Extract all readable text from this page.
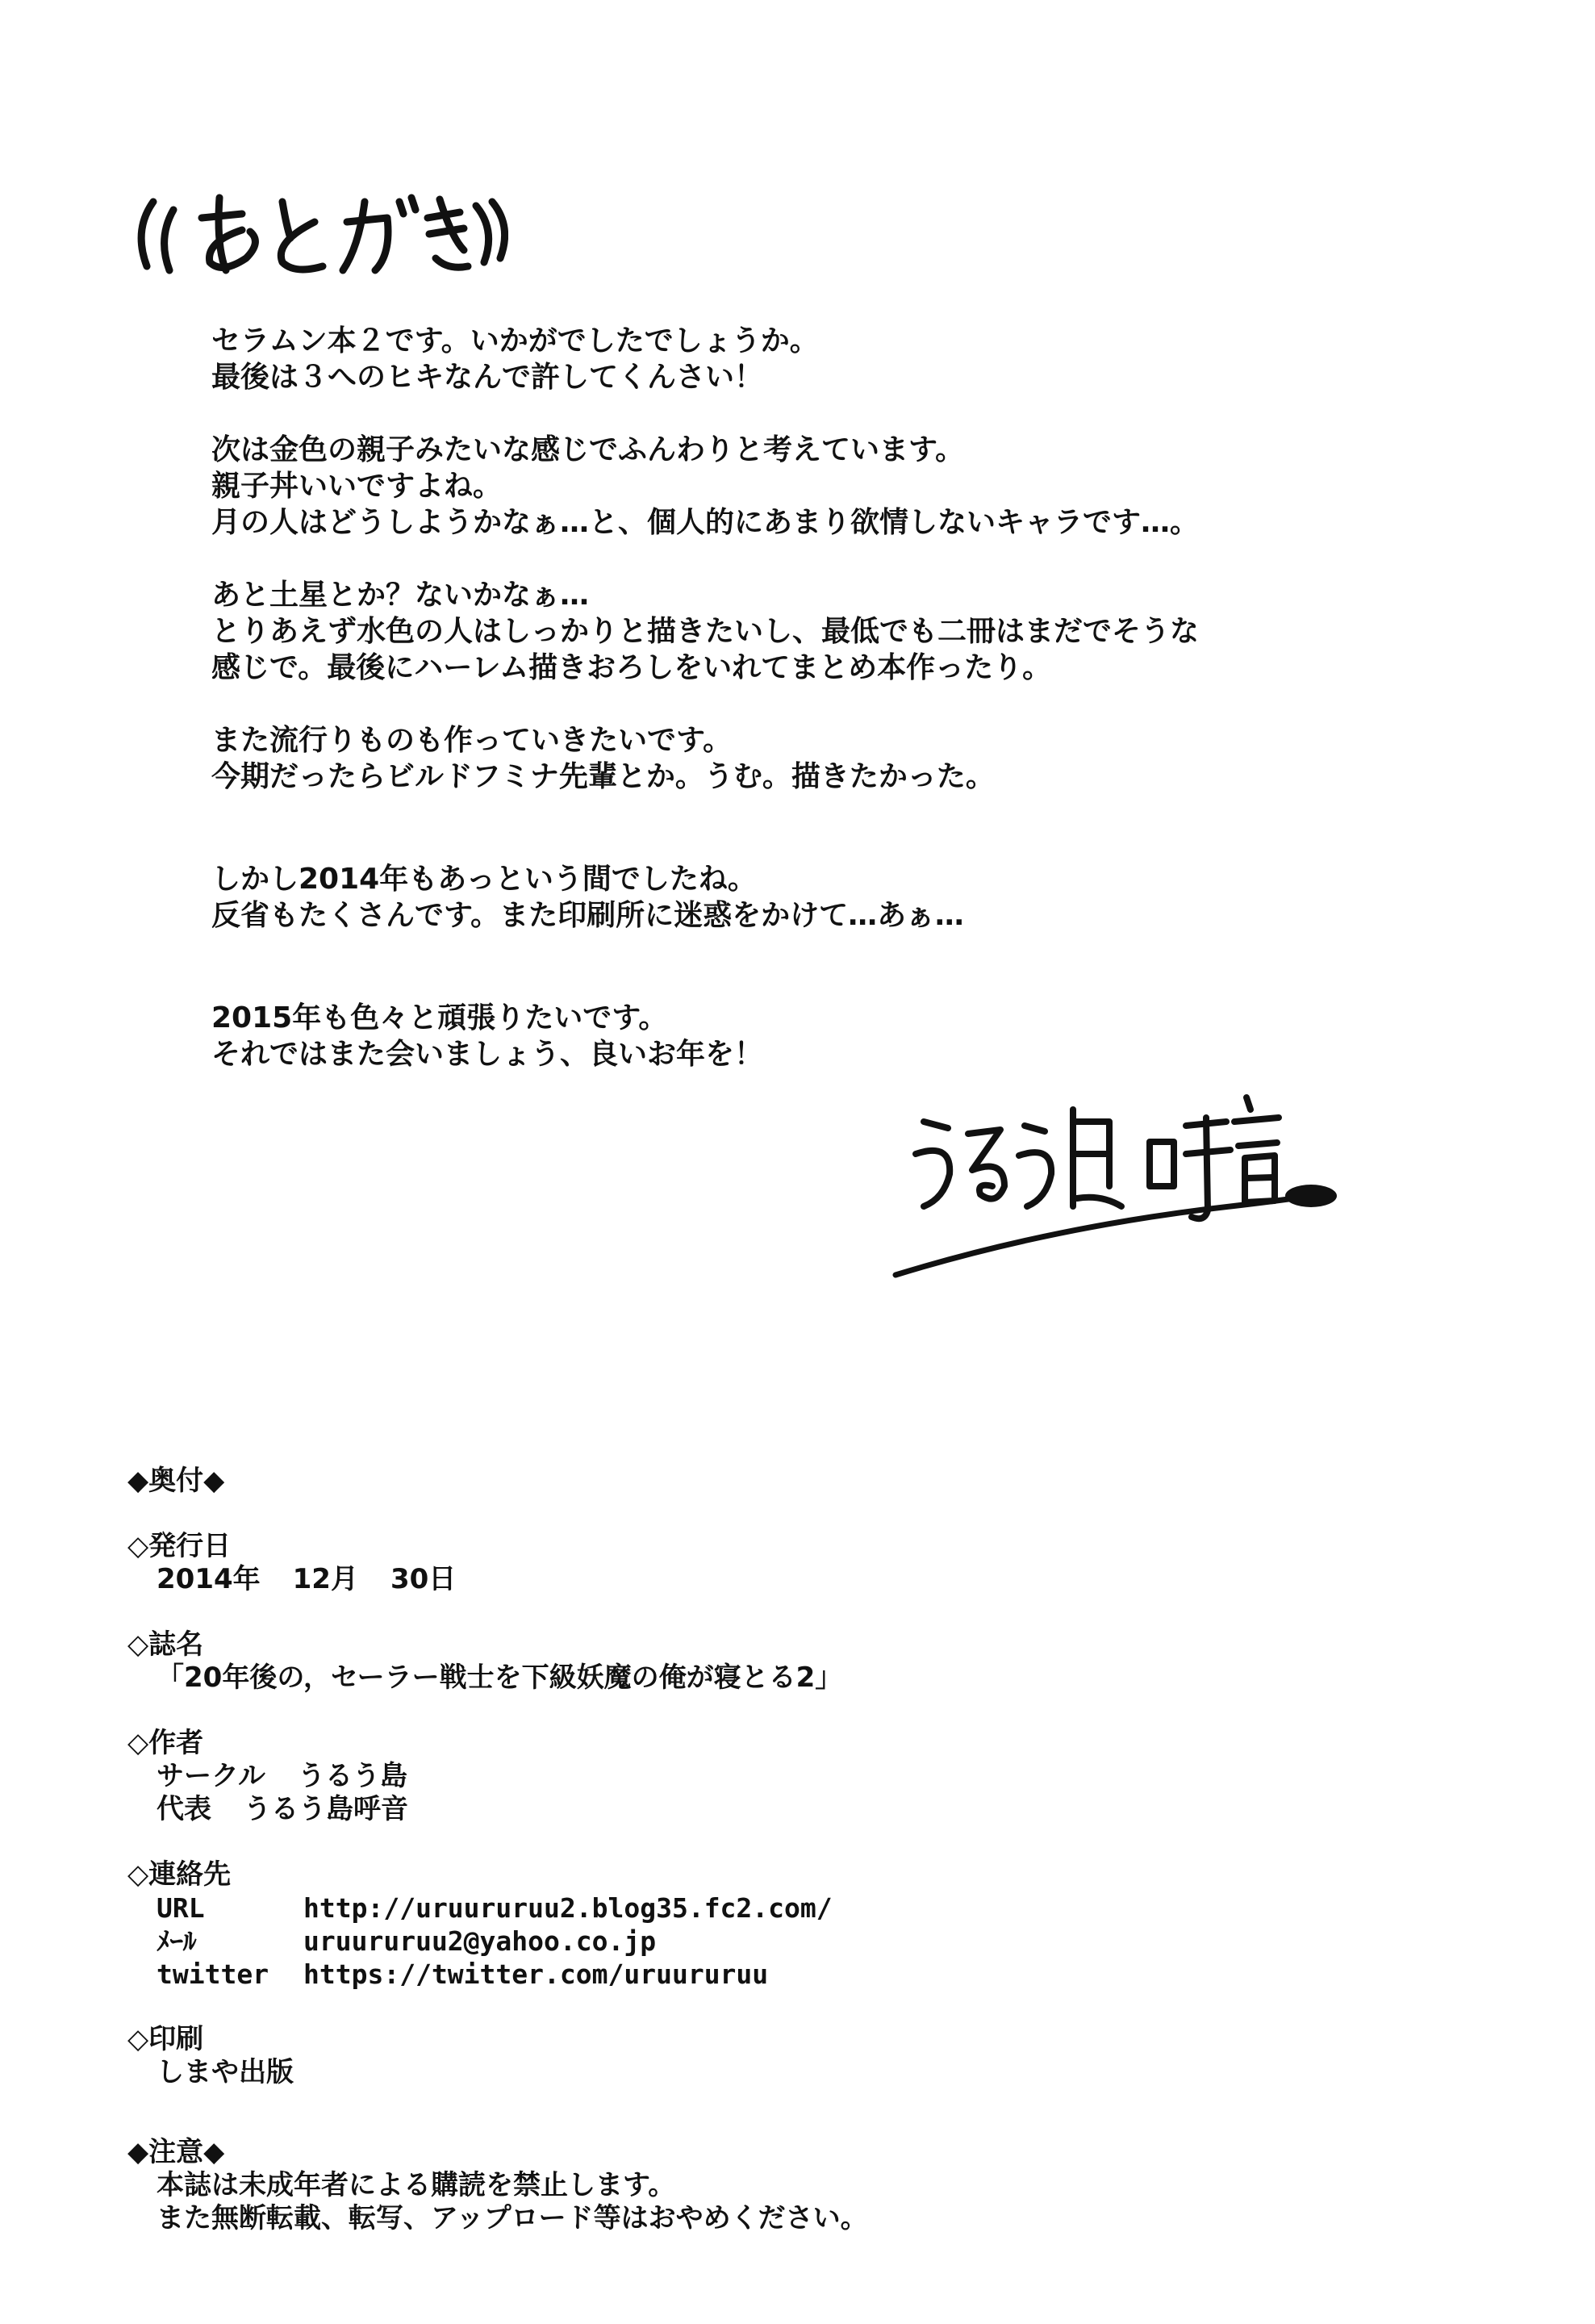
セラムン本２です。いかがでしたでしょうか。
最後は３へのヒキなんで許してくんさい！
次は金色の親子みたいな感じでふんわりと考えています。
親子丼いいですよね。
月の人はどうしようかなぁ…と、個人的にあまり欲情しないキャラです…。
あと土星とか？ないかなぁ…
とりあえず水色の人はしっかりと描きたいし、最低でも二冊はまだでそうな
感じで。最後にハーレム描きおろしをいれてまとめ本作ったり。
また流行りものも作っていきたいです。
今期だったらビルドフミナ先輩とか。うむ。描きたかった。
しかし2014年もあっという間でしたね。
反省もたくさんです。また印刷所に迷惑をかけて…あぁ…
2015年も色々と頑張りたいです。
それではまた会いましょう、良いお年を！
◆奥付◆
◇発行日
2014年 12月 30日
◇誌名
「20年後の，セーラー戦士を下級妖魔の俺が寝とる2」
◇作者
サークル うるう島
代表 うるう島呼音
◇連絡先
URL	http://uruururuu2.blog35.fc2.com/
ﾒｰﾙ	uruururuu2@yahoo.co.jp
twitter https://twitter.com/uruururuu
◇印刷
しまや出版
◆注意◆
本誌は未成年者による購読を禁止します。
また無断転載、転写、アップロード等はおやめください。
